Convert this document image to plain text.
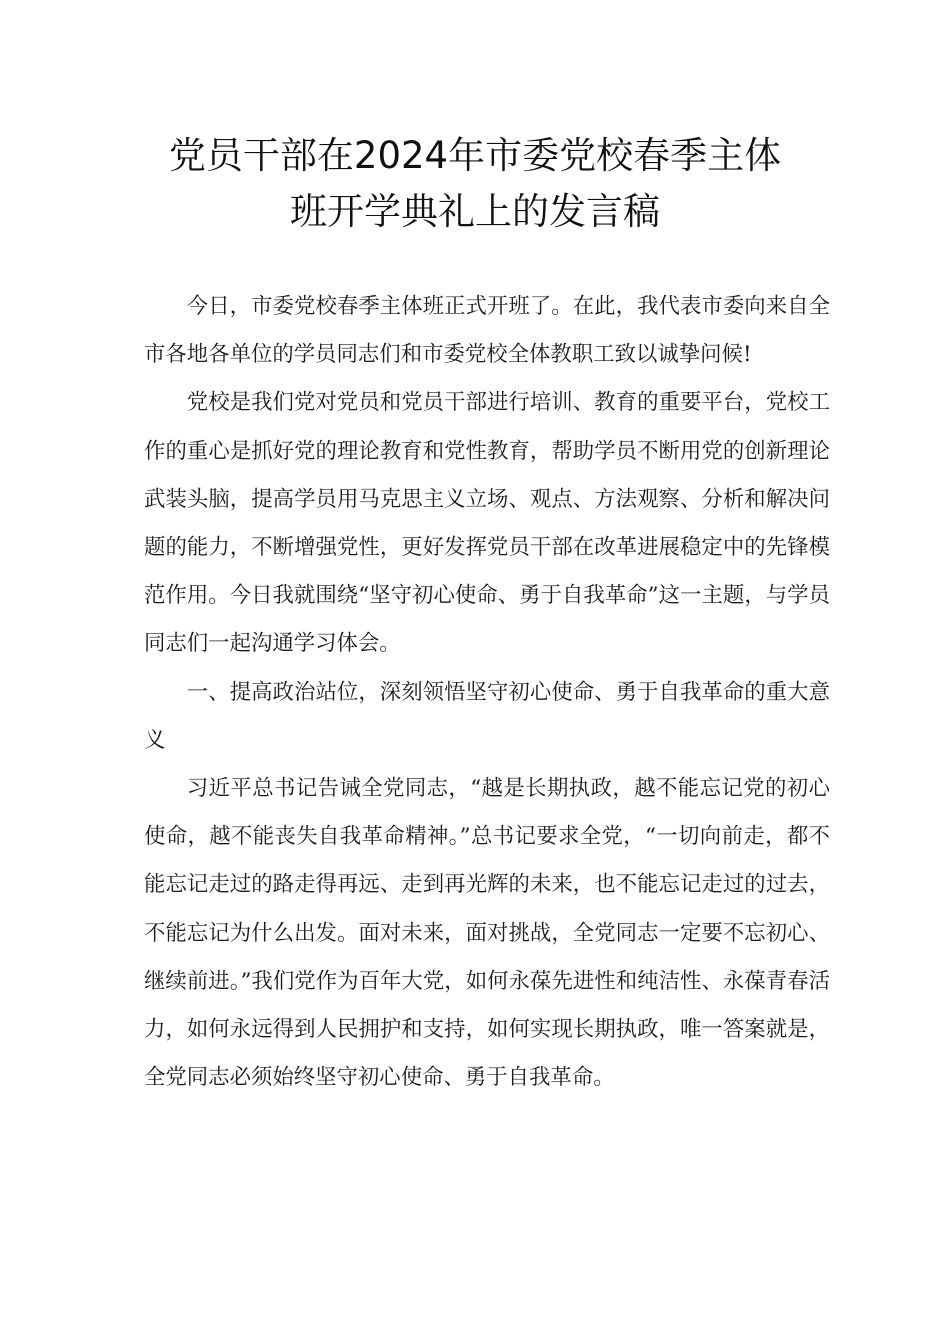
党员干部在2024年市委党校春季主体
班开学典礼上的发言稿

今日，市委党校春季主体班正式开班了。在此，我代表市委向来自全市各地各单位的学员同志们和市委党校全体教职工致以诚挚问候!

党校是我们党对党员和党员干部进行培训、教育的重要平台，党校工作的重心是抓好党的理论教育和党性教育，帮助学员不断用党的创新理论武装头脑，提高学员用马克思主义立场、观点、方法观察、分析和解决问题的能力，不断增强党性，更好发挥党员干部在改革进展稳定中的先锋模范作用。今日我就围绕“坚守初心使命、勇于自我革命”这一主题，与学员同志们一起沟通学习体会。

一、提高政治站位，深刻领悟坚守初心使命、勇于自我革命的重大意义

习近平总书记告诫全党同志，“越是长期执政，越不能忘记党的初心使命，越不能丧失自我革命精神。”总书记要求全党，“一切向前走，都不能忘记走过的路走得再远、走到再光辉的未来，也不能忘记走过的过去，不能忘记为什么出发。面对未来，面对挑战，全党同志一定要不忘初心、继续前进。”我们党作为百年大党，如何永葆先进性和纯洁性、永葆青春活力，如何永远得到人民拥护和支持，如何实现长期执政，唯一答案就是，全党同志必须始终坚守初心使命、勇于自我革命。
